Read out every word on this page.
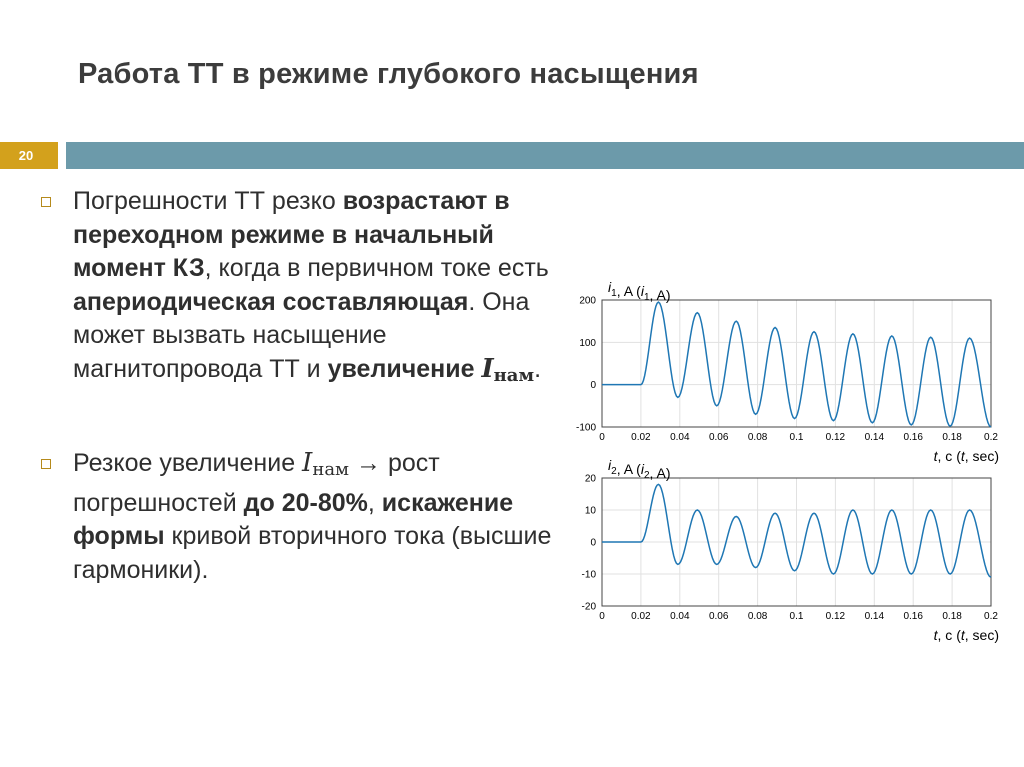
Работа ТТ в режиме глубокого насыщения
20
Погрешности ТТ резко возрастают в переходном режиме в начальный момент КЗ, когда в первичном токе есть апериодическая составляющая. Она может вызвать насыщение магнитопровода ТТ и увеличение $I_{нам}$.
Резкое увеличение $I_{нам}$ → рост погрешностей до 20-80%, искажение формы кривой вторичного тока (высшие гармоники).
0	0.02 0.04 0.06 0.08 0.1 0.12 0.14 0.16 0.18 0.2
200
100
0
-100
$i_1$, A ($i_1$, A)
t, с (t, sec)
0	0.02 0.04 0.06 0.08 0.1 0.12 0.14 0.16 0.18 0.2
20
10
0
-10
-20
$i_2$, A ($i_2$, A)
t, с (t, sec)
